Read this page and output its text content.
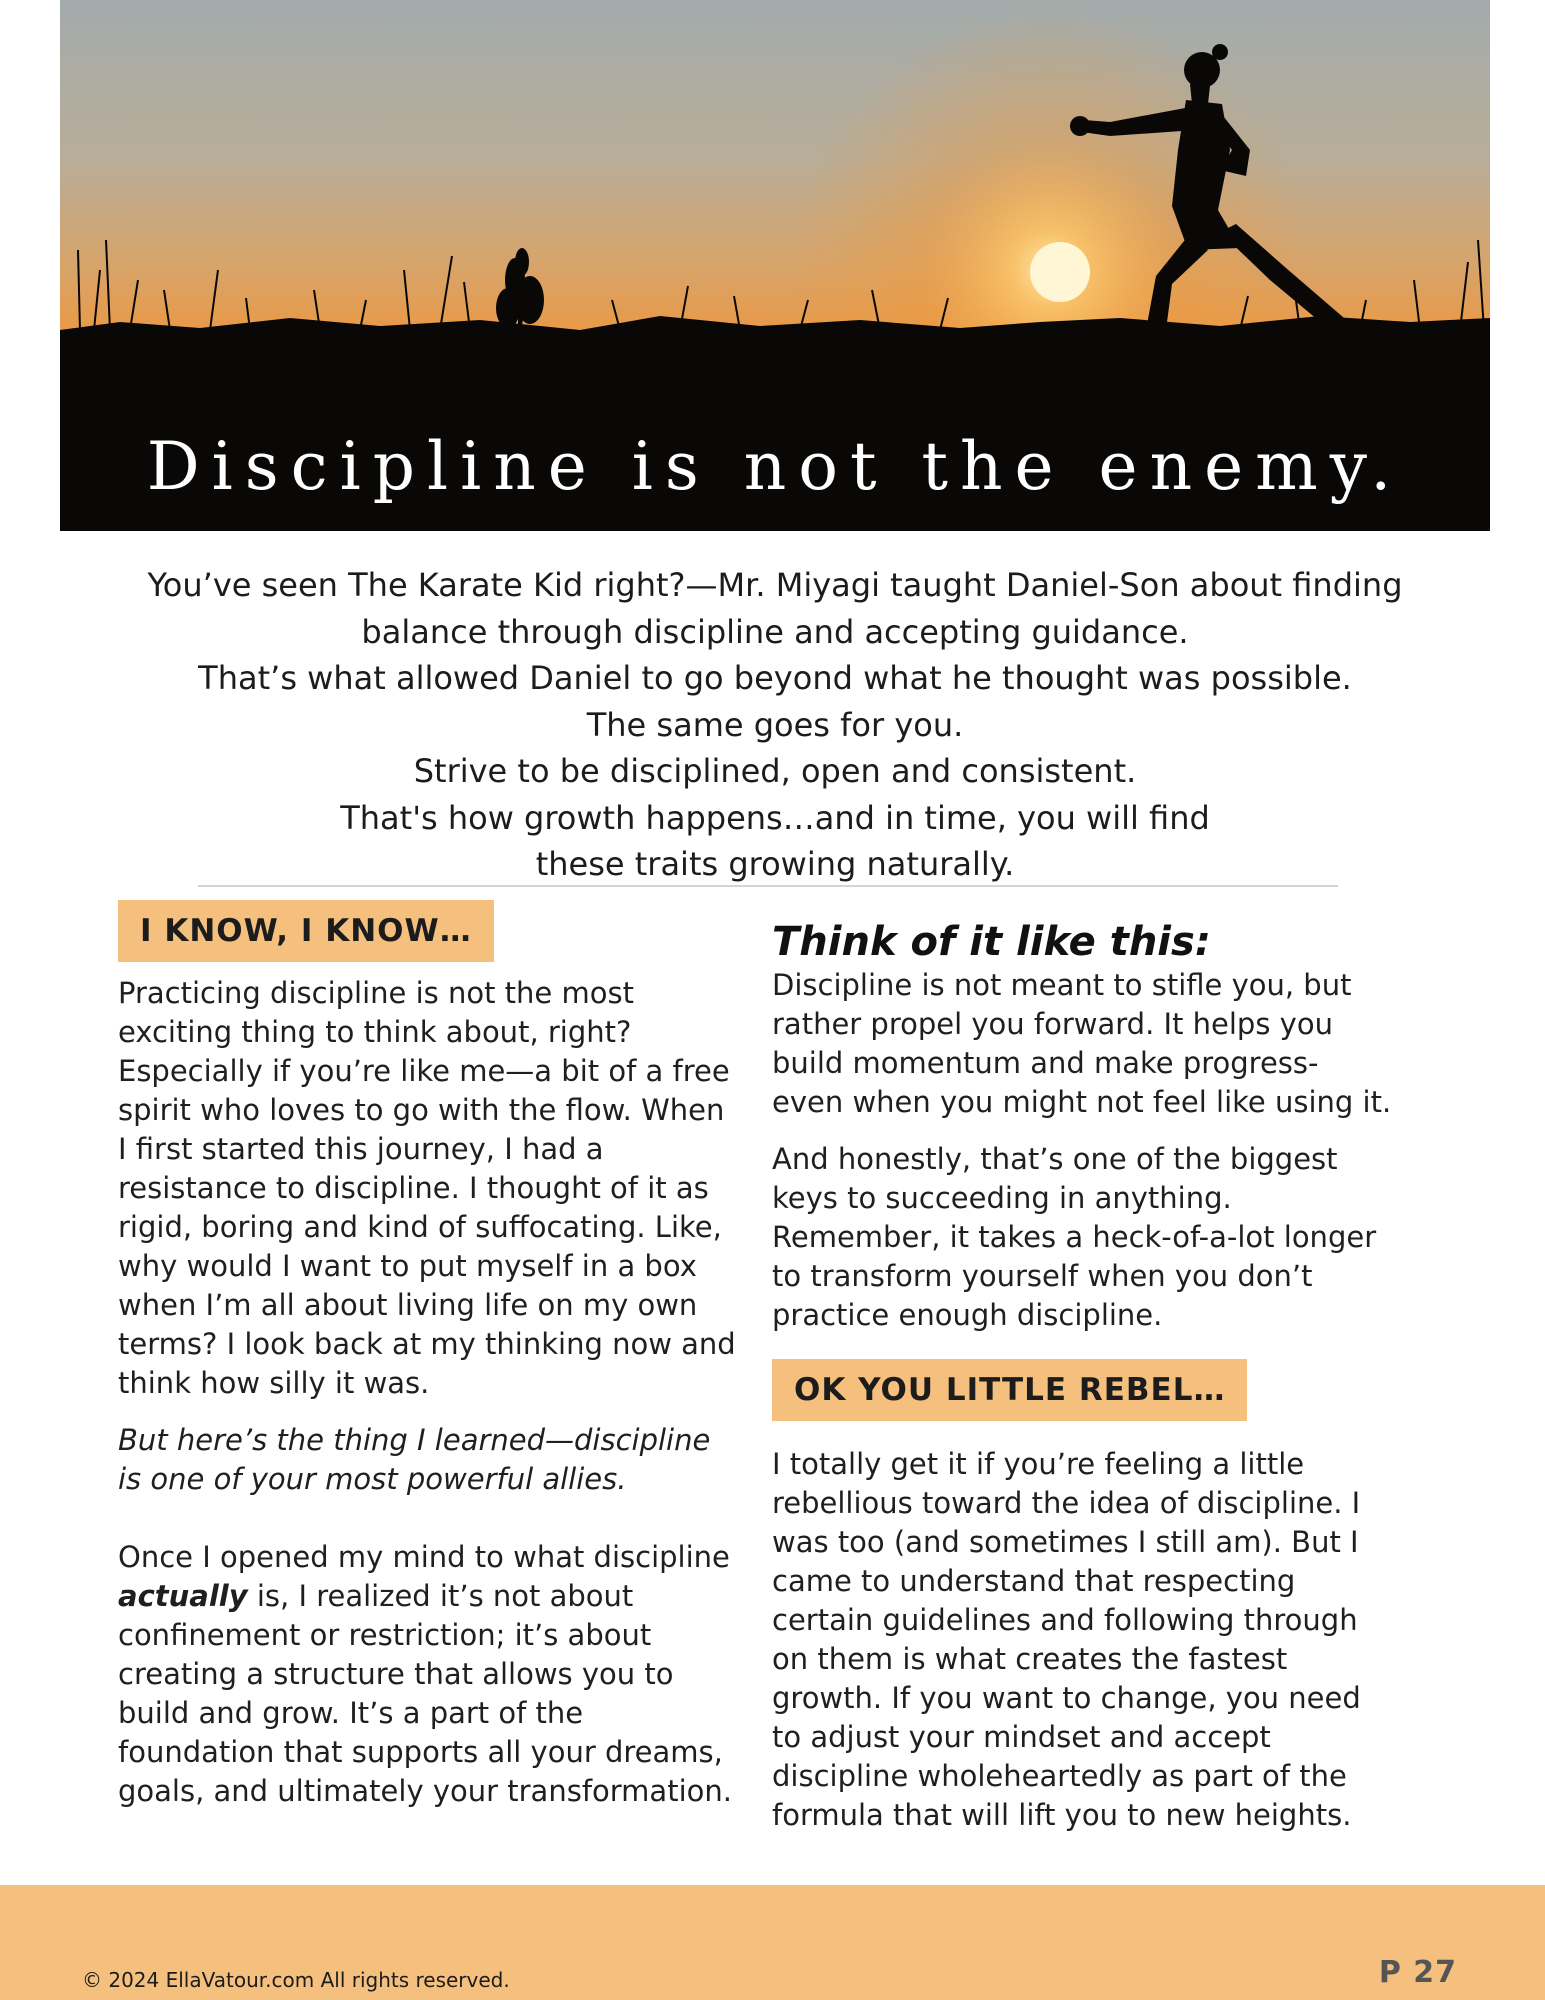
Discipline is not the enemy.

You’ve seen The Karate Kid right?—Mr. Miyagi taught Daniel-Son about finding

balance through discipline and accepting guidance.

That’s what allowed Daniel to go beyond what he thought was possible.

The same goes for you.

Strive to be disciplined, open and consistent.

That's how growth happens…and in time, you will find

these traits growing naturally.

I KNOW, I KNOW…

Practicing discipline is not the most exciting thing to think about, right? Especially if you’re like me—a bit of a free spirit who loves to go with the flow. When I first started this journey, I had a resistance to discipline. I thought of it as rigid, boring and kind of suffocating. Like, why would I want to put myself in a box when I’m all about living life on my own terms? I look back at my thinking now and think how silly it was.

But here’s the thing I learned—discipline is one of your most powerful allies.

Once I opened my mind to what discipline actually is, I realized it’s not about confinement or restriction; it’s about creating a structure that allows you to build and grow. It’s a part of the foundation that supports all your dreams, goals, and ultimately your transformation.

Think of it like this:

Discipline is not meant to stifle you, but rather propel you forward. It helps you build momentum and make progress- even when you might not feel like using it.

And honestly, that’s one of the biggest keys to succeeding in anything. Remember, it takes a heck-of-a-lot longer to transform yourself when you don’t practice enough discipline.

OK YOU LITTLE REBEL…

I totally get it if you’re feeling a little rebellious toward the idea of discipline. I was too (and sometimes I still am). But I came to understand that respecting certain guidelines and following through on them is what creates the fastest growth. If you want to change, you need to adjust your mindset and accept discipline wholeheartedly as part of the formula that will lift you to new heights.

© 2024 EllaVatour.com All rights reserved.	P 27
